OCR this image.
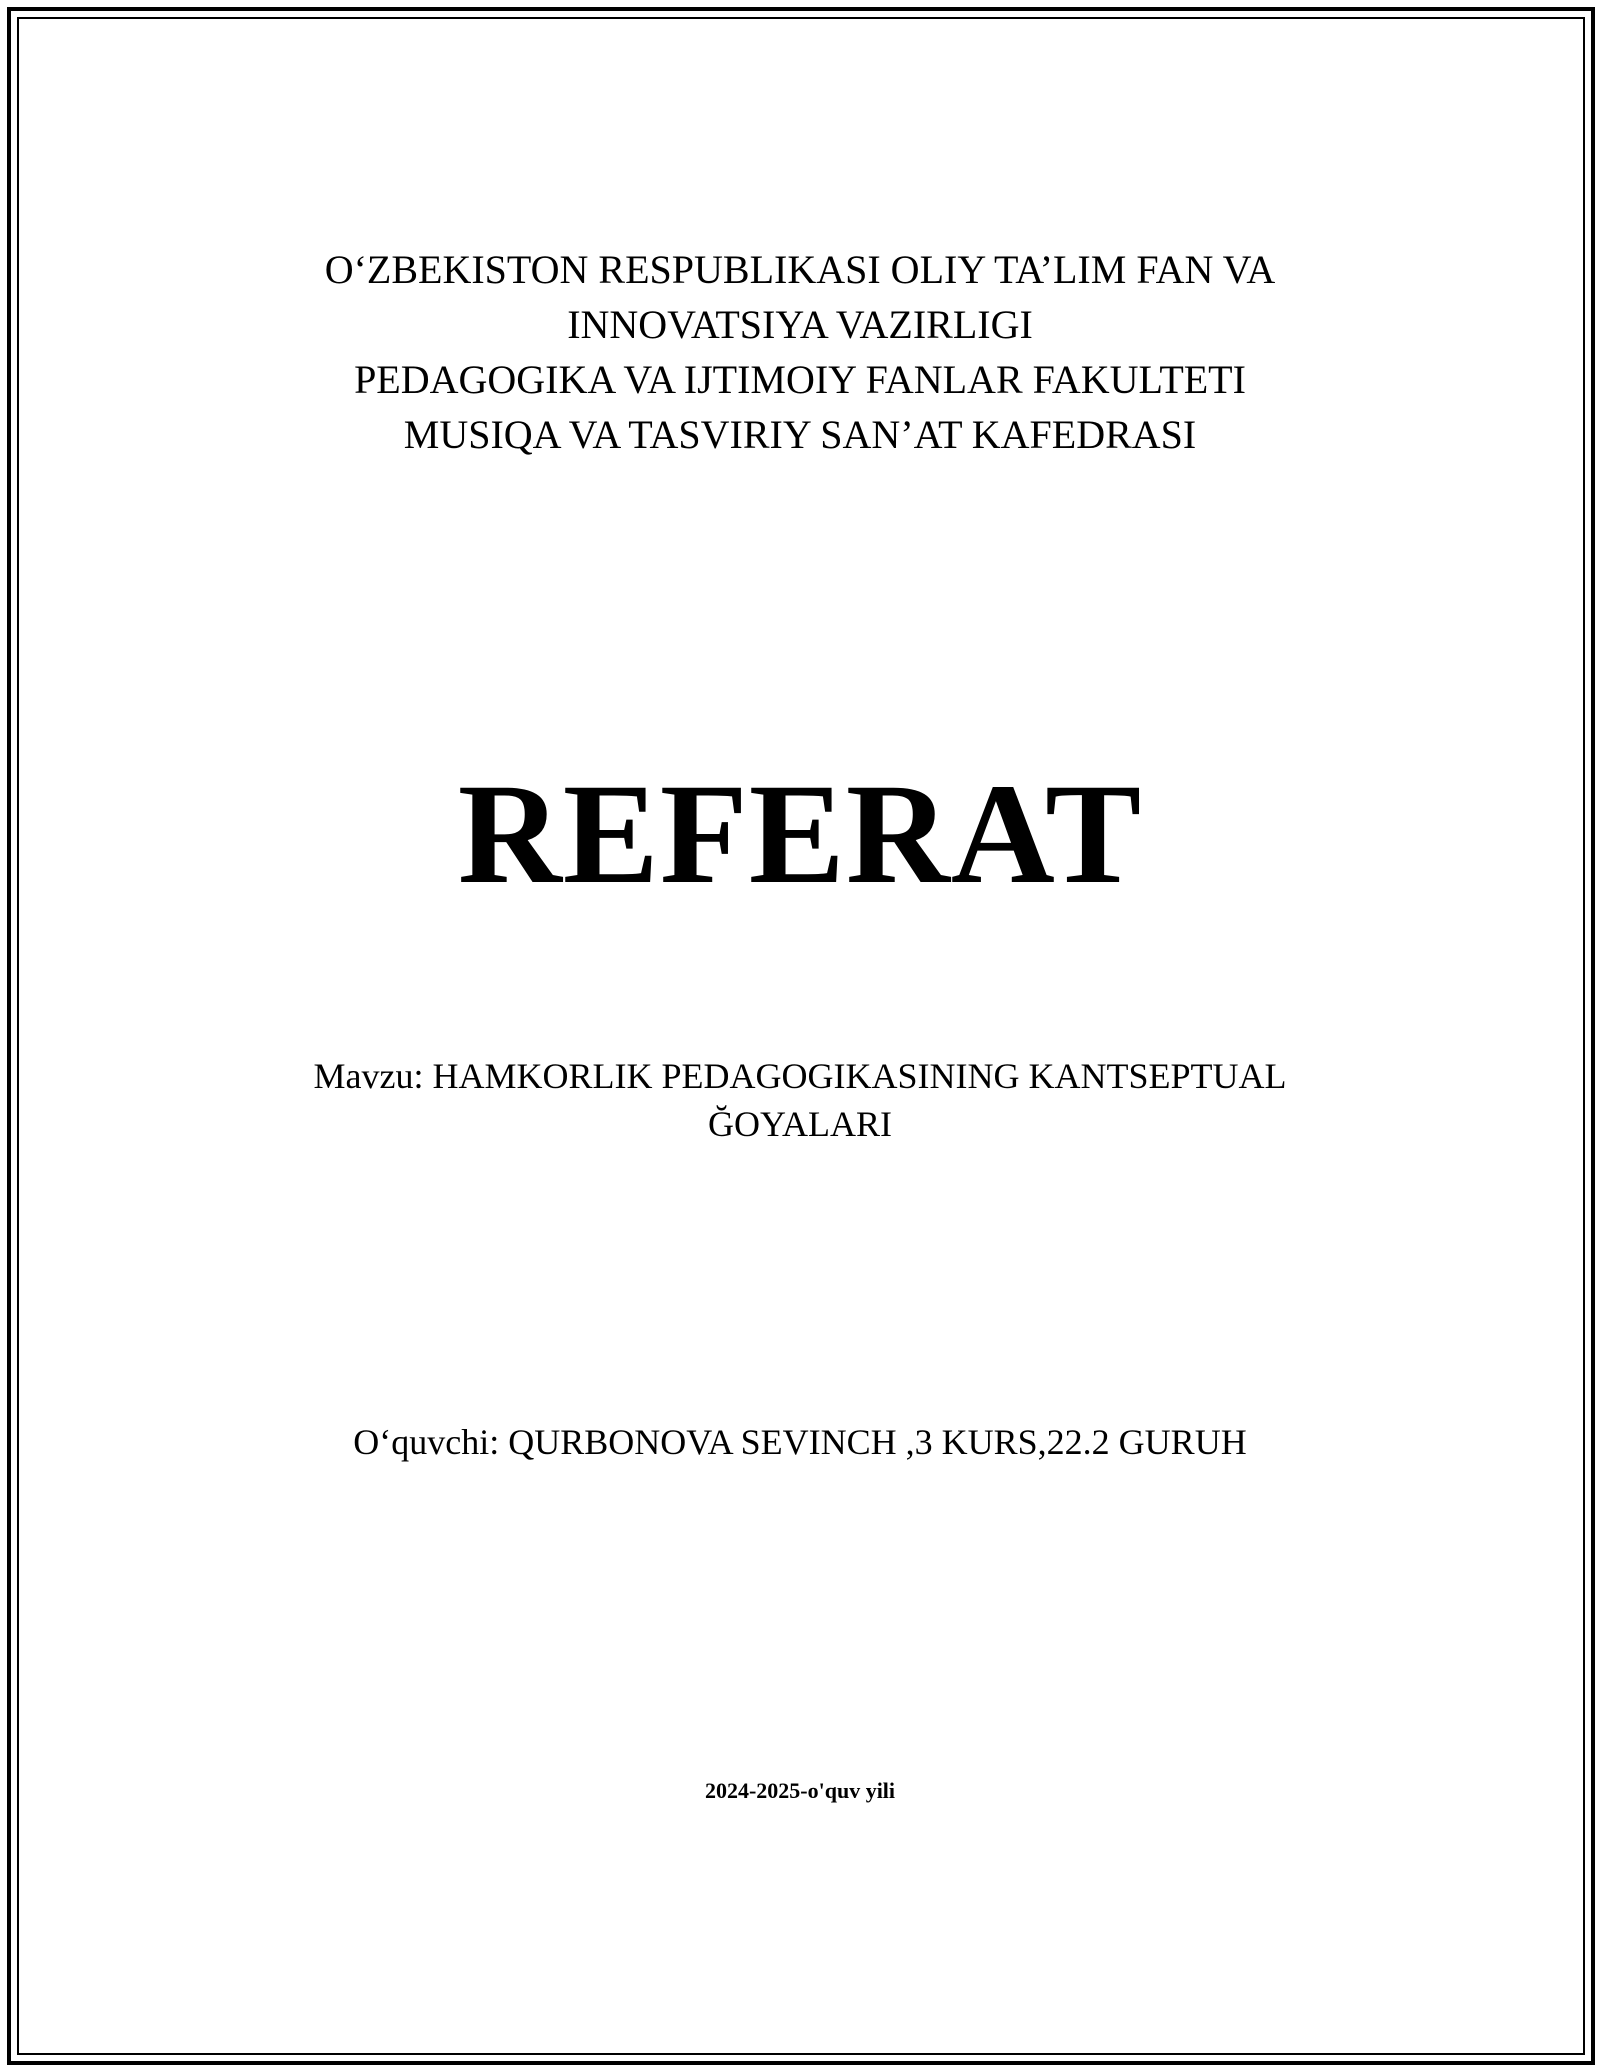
O‘ZBEKISTON RESPUBLIKASI OLIY TA’LIM FAN VA
INNOVATSIYA VAZIRLIGI
PEDAGOGIKA VA IJTIMOIY FANLAR FAKULTETI
MUSIQA VA TASVIRIY SAN’AT KAFEDRASI
REFERAT
Mavzu: HAMKORLIK PEDAGOGIKASINING KANTSEPTUAL
ĞOYALARI
O‘quvchi: QURBONOVA SEVINCH ,3 KURS,22.2 GURUH
2024-2025-o'quv yili
